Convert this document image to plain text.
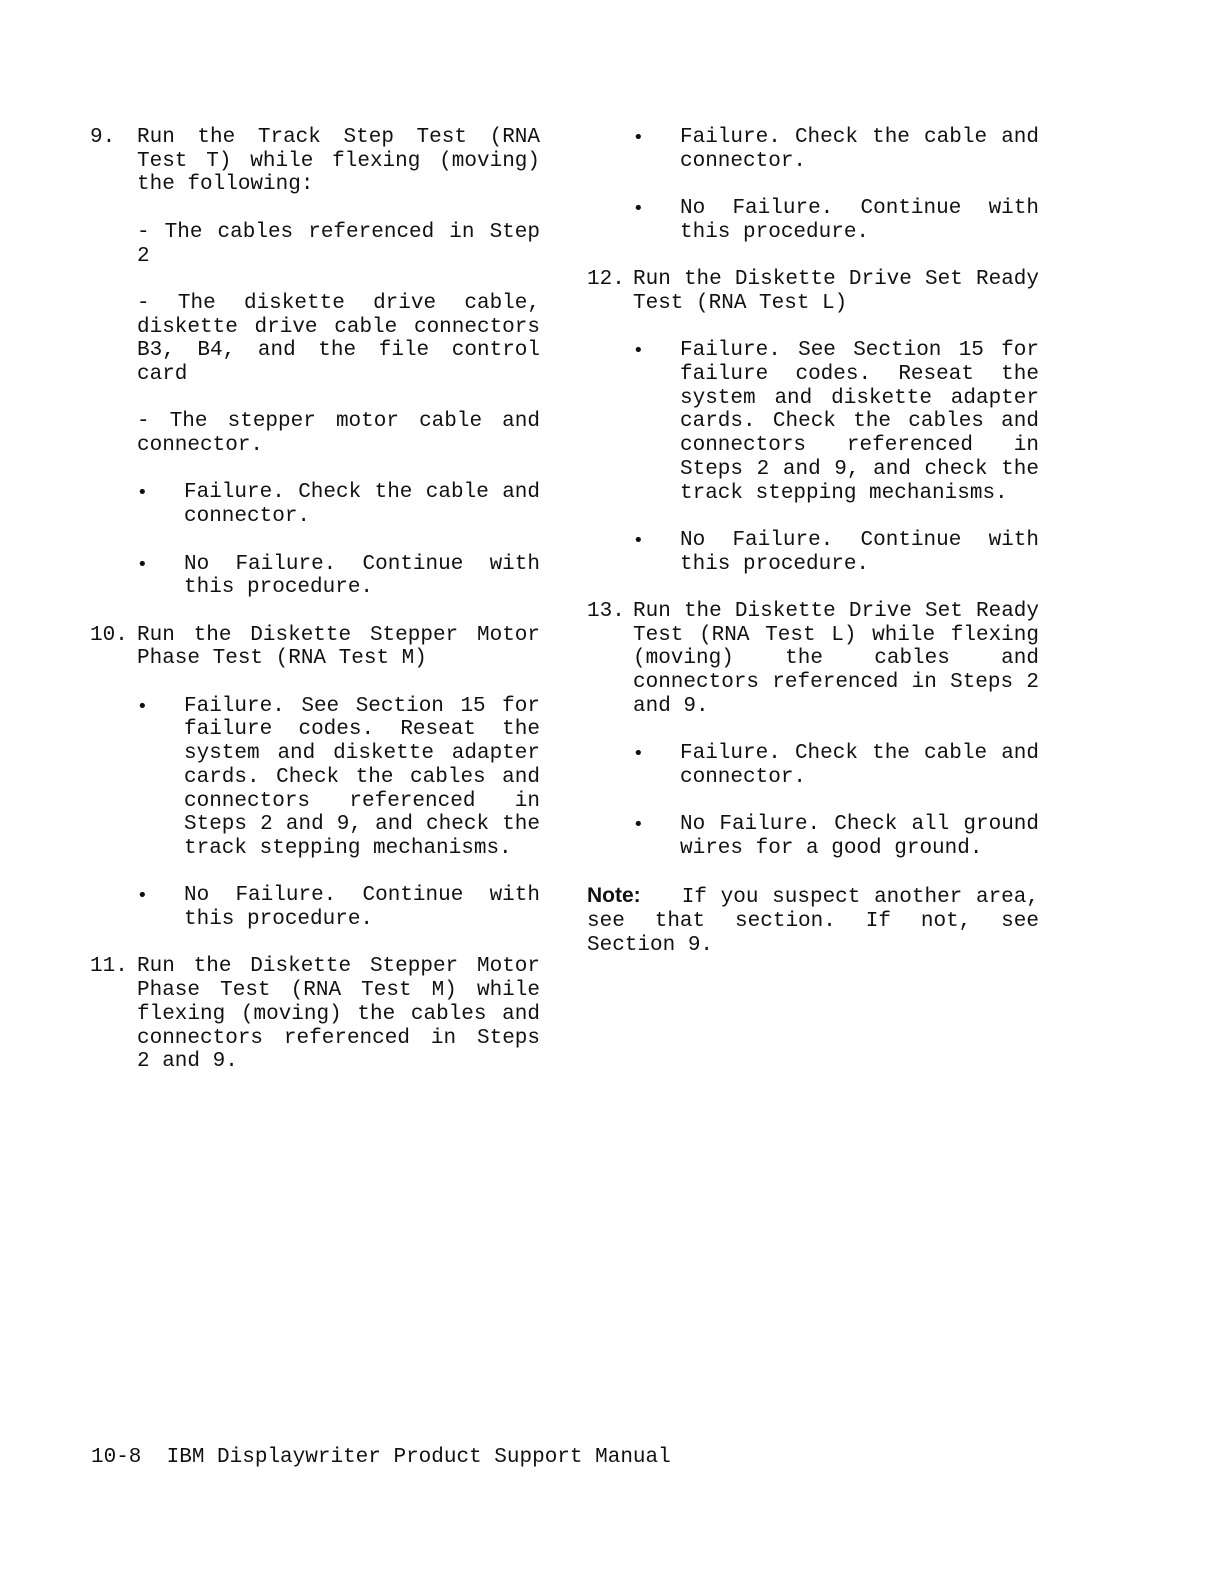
9. Run the Track Step Test (RNA Test T) while flexing (moving) the following:
- The cables referenced in Step 2
- The diskette drive cable, diskette drive cable connectors B3, B4, and the file control card
- The stepper motor cable and connector.
• Failure. Check the cable and connector.
• No Failure. Continue with this procedure.
10. Run the Diskette Stepper Motor Phase Test (RNA Test M)
• Failure. See Section 15 for failure codes. Reseat the system and diskette adapter cards. Check the cables and connectors referenced in Steps 2 and 9, and check the track stepping mechanisms.
• No Failure. Continue with this procedure.
11. Run the Diskette Stepper Motor Phase Test (RNA Test M) while flexing (moving) the cables and connectors referenced in Steps 2 and 9.
• Failure. Check the cable and connector.
• No Failure. Continue with this procedure.
12. Run the Diskette Drive Set Ready Test (RNA Test L)
• Failure. See Section 15 for failure codes. Reseat the system and diskette adapter cards. Check the cables and connectors referenced in Steps 2 and 9, and check the track stepping mechanisms.
• No Failure. Continue with this procedure.
13. Run the Diskette Drive Set Ready Test (RNA Test L) while flexing (moving) the cables and connectors referenced in Steps 2 and 9.
• Failure. Check the cable and connector.
• No Failure. Check all ground wires for a good ground.
Note: If you suspect another area, see that section. If not, see Section 9.
10-8 IBM Displaywriter Product Support Manual
